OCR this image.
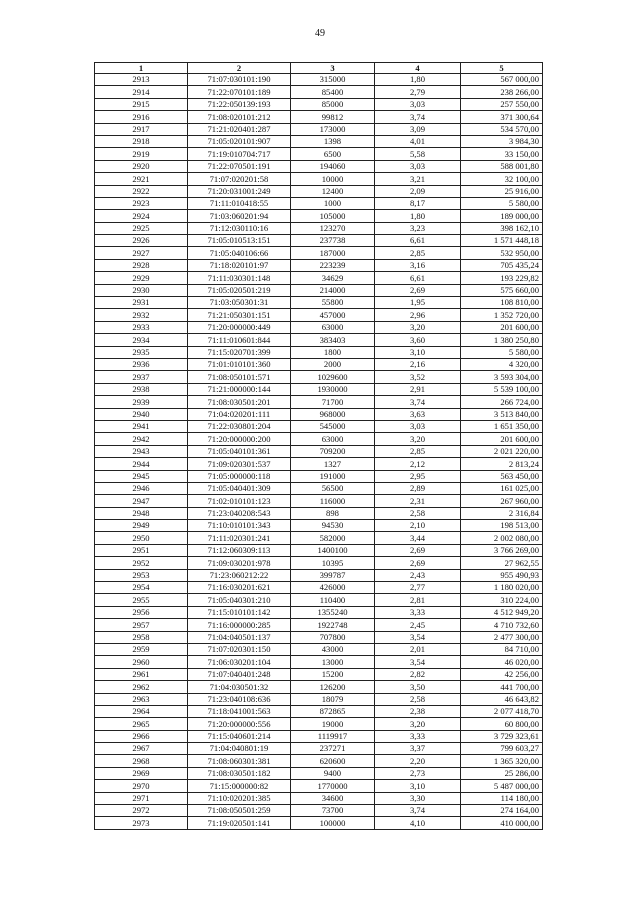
49
1	2	3	4	5
2913	71:07:030101:190	315000	1,80	567 000,00
2914	71:22:070101:189	85400	2,79	238 266,00
2915	71:22:050139:193	85000	3,03	257 550,00
2916	71:08:020101:212	99812	3,74	371 300,64
2917	71:21:020401:287	173000	3,09	534 570,00
2918	71:05:020101:907	1398	4,01	3 984,30
2919	71:19:010704:717	6500	5,58	33 150,00
2920	71:22:070501:191	194060	3,03	588 001,80
2921	71:07:020201:58	10000	3,21	32 100,00
2922	71:20:031001:249	12400	2,09	25 916,00
2923	71:11:010418:55	1000	8,17	5 580,00
2924	71:03:060201:94	105000	1,80	189 000,00
2925	71:12:030110:16	123270	3,23	398 162,10
2926	71:05:010513:151	237738	6,61	1 571 448,18
2927	71:05:040106:66	187000	2,85	532 950,00
2928	71:18:020101:97	223239	3,16	705 435,24
2929	71:11:030301:148	34629	6,61	193 229,82
2930	71:05:020501:219	214000	2,69	575 660,00
2931	71:03:050301:31	55800	1,95	108 810,00
2932	71:21:050301:151	457000	2,96	1 352 720,00
2933	71:20:000000:449	63000	3,20	201 600,00
2934	71:11:010601:844	383403	3,60	1 380 250,80
2935	71:15:020701:399	1800	3,10	5 580,00
2936	71:01:010101:360	2000	2,16	4 320,00
2937	71:08:050101:571	1029600	3,52	3 593 304,00
2938	71:21:000000:144	1930000	2,91	5 539 100,00
2939	71:08:030501:201	71700	3,74	266 724,00
2940	71:04:020201:111	968000	3,63	3 513 840,00
2941	71:22:030801:204	545000	3,03	1 651 350,00
2942	71:20:000000:200	63000	3,20	201 600,00
2943	71:05:040101:361	709200	2,85	2 021 220,00
2944	71:09:020301:537	1327	2,12	2 813,24
2945	71:05:000000:118	191000	2,95	563 450,00
2946	71:05:040401:309	56500	2,89	161 025,00
2947	71:02:010101:123	116000	2,31	267 960,00
2948	71:23:040208:543	898	2,58	2 316,84
2949	71:10:010101:343	94530	2,10	198 513,00
2950	71:11:020301:241	582000	3,44	2 002 080,00
2951	71:12:060309:113	1400100	2,69	3 766 269,00
2952	71:09:030201:978	10395	2,69	27 962,55
2953	71:23:060212:22	399787	2,43	955 490,93
2954	71:16:030201:621	426000	2,77	1 180 020,00
2955	71:05:040301:210	110400	2,81	310 224,00
2956	71:15:010101:142	1355240	3,33	4 512 949,20
2957	71:16:000000:285	1922748	2,45	4 710 732,60
2958	71:04:040501:137	707800	3,54	2 477 300,00
2959	71:07:020301:150	43000	2,01	84 710,00
2960	71:06:030201:104	13000	3,54	46 020,00
2961	71:07:040401:248	15200	2,82	42 256,00
2962	71:04:030501:32	126200	3,50	441 700,00
2963	71:23:040108:636	18079	2,58	46 643,82
2964	71:18:041001:563	872865	2,38	2 077 418,70
2965	71:20:000000:556	19000	3,20	60 800,00
2966	71:15:040601:214	1119917	3,33	3 729 323,61
2967	71:04:040801:19	237271	3,37	799 603,27
2968	71:08:060301:381	620600	2,20	1 365 320,00
2969	71:08:030501:182	9400	2,73	25 286,00
2970	71:15:000000:82	1770000	3,10	5 487 000,00
2971	71:10:020201:385	34600	3,30	114 180,00
2972	71:08:050501:259	73700	3,74	274 164,00
2973	71:19:020501:141	100000	4,10	410 000,00
